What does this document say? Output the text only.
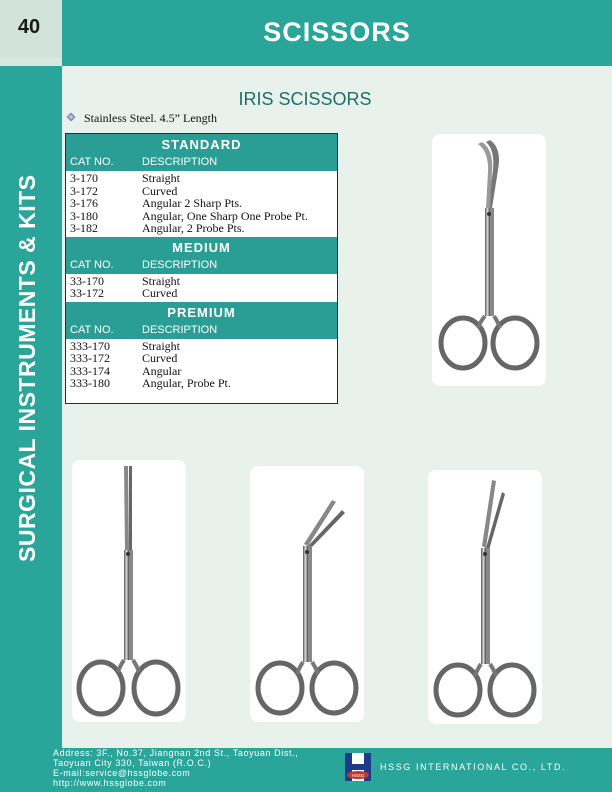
40	SCISSORS
SURGICAL INSTRUMENTS & KITS
IRIS SCISSORS
Stainless Steel. 4.5” Length
STANDARD
CAT NO.	DESCRIPTION
3-170	Straight
3-172	Curved
3-176	Angular 2 Sharp Pts.
3-180	Angular, One Sharp One Probe Pt.
3-182	Angular, 2 Probe Pts.
MEDIUM
CAT NO.	DESCRIPTION
33-170	Straight
33-172	Curved
PREMIUM
CAT NO.	DESCRIPTION
333-170	Straight
333-172	Curved
333-174	Angular
333-180	Angular, Probe Pt.
Address: 3F., No.37, Jiangnan 2nd St., Taoyuan Dist.,
Taoyuan City 330, Taiwan (R.O.C.)
E-mail:service@hssglobe.com
http://www.hssglobe.com
HSSG
HSSG INTERNATIONAL CO., LTD.
